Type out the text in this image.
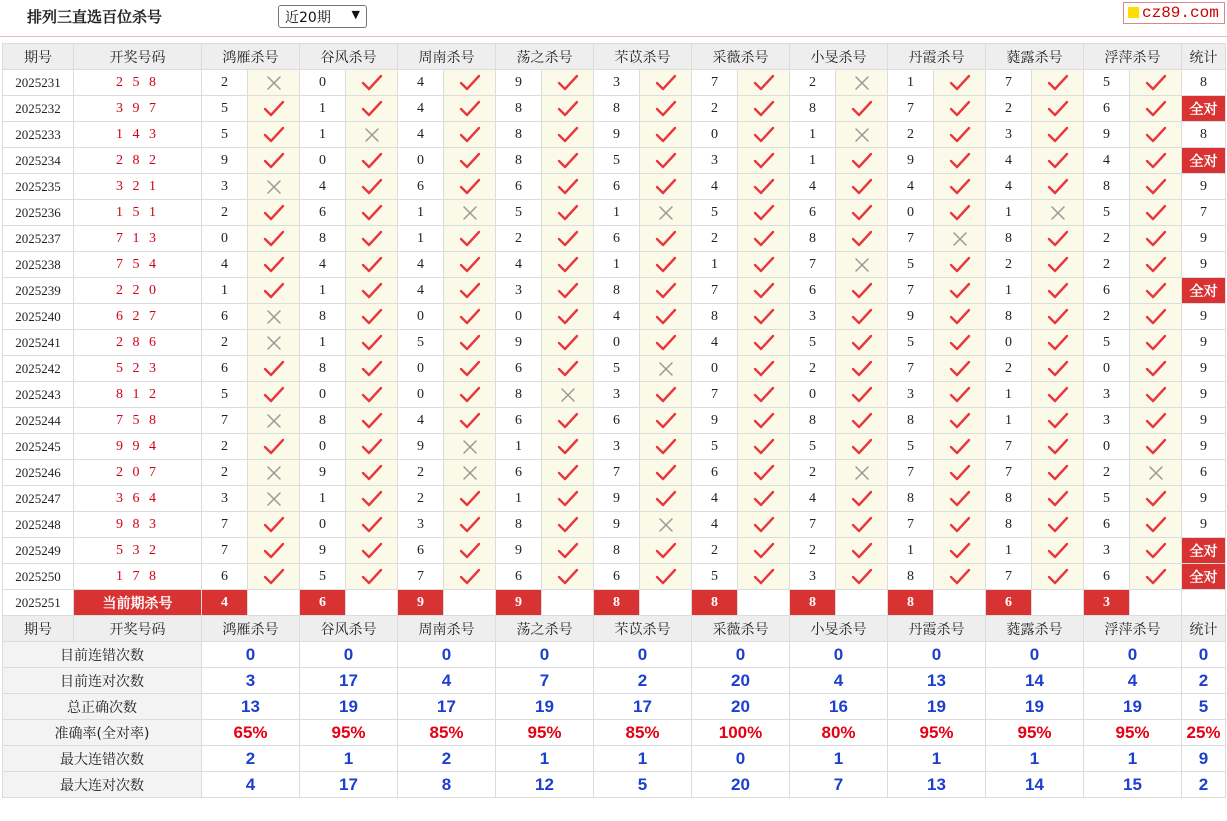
排列三直选百位杀号	近20期 ▼	cz89.com
期号	开奖号码	鸿雁杀号		谷风杀号		周南杀号		荡之杀号		芣苡杀号		采薇杀号		小旻杀号		丹霞杀号		蕤露杀号		浮萍杀号		统计
2025231	2 5 8	2		0		4		9		3		7		2		1		7		5		8
2025232	3 9 7	5		1		4		8		8		2		8		7		2		6		全对
2025233	1 4 3	5		1		4		8		9		0		1		2		3		9		8
2025234	2 8 2	9		0		0		8		5		3		1		9		4		4		全对
2025235	3 2 1	3		4		6		6		6		4		4		4		4		8		9
2025236	1 5 1	2		6		1		5		1		5		6		0		1		5		7
2025237	7 1 3	0		8		1		2		6		2		8		7		8		2		9
2025238	7 5 4	4		4		4		4		1		1		7		5		2		2		9
2025239	2 2 0	1		1		4		3		8		7		6		7		1		6		全对
2025240	6 2 7	6		8		0		0		4		8		3		9		8		2		9
2025241	2 8 6	2		1		5		9		0		4		5		5		0		5		9
2025242	5 2 3	6		8		0		6		5		0		2		7		2		0		9
2025243	8 1 2	5		0		0		8		3		7		0		3		1		3		9
2025244	7 5 8	7		8		4		6		6		9		8		8		1		3		9
2025245	9 9 4	2		0		9		1		3		5		5		5		7		0		9
2025246	2 0 7	2		9		2		6		7		6		2		7		7		2		6
2025247	3 6 4	3		1		2		1		9		4		4		8		8		5		9
2025248	9 8 3	7		0		3		8		9		4		7		7		8		6		9
2025249	5 3 2	7		9		6		9		8		2		2		1		1		3		全对
2025250	1 7 8	6		5		7		6		6		5		3		8		7		6		全对
2025251	当前期杀号	4		6		9		9		8		8		8		8		6		3		
期号	开奖号码	鸿雁杀号		谷风杀号		周南杀号		荡之杀号		芣苡杀号		采薇杀号		小旻杀号		丹霞杀号		蕤露杀号		浮萍杀号		统计
目前连错次数		0		0		0		0		0		0		0		0		0		0		0
目前连对次数		3		17		4		7		2		20		4		13		14		4		2
总正确次数		13		19		17		19		17		20		16		19		19		19		5
准确率(全对率)		65%		95%		85%		95%		85%		100%		80%		95%		95%		95%		25%
最大连错次数		2		1		2		1		1		0		1		1		1		1		9
最大连对次数		4		17		8		12		5		20		7		13		14		15		2
